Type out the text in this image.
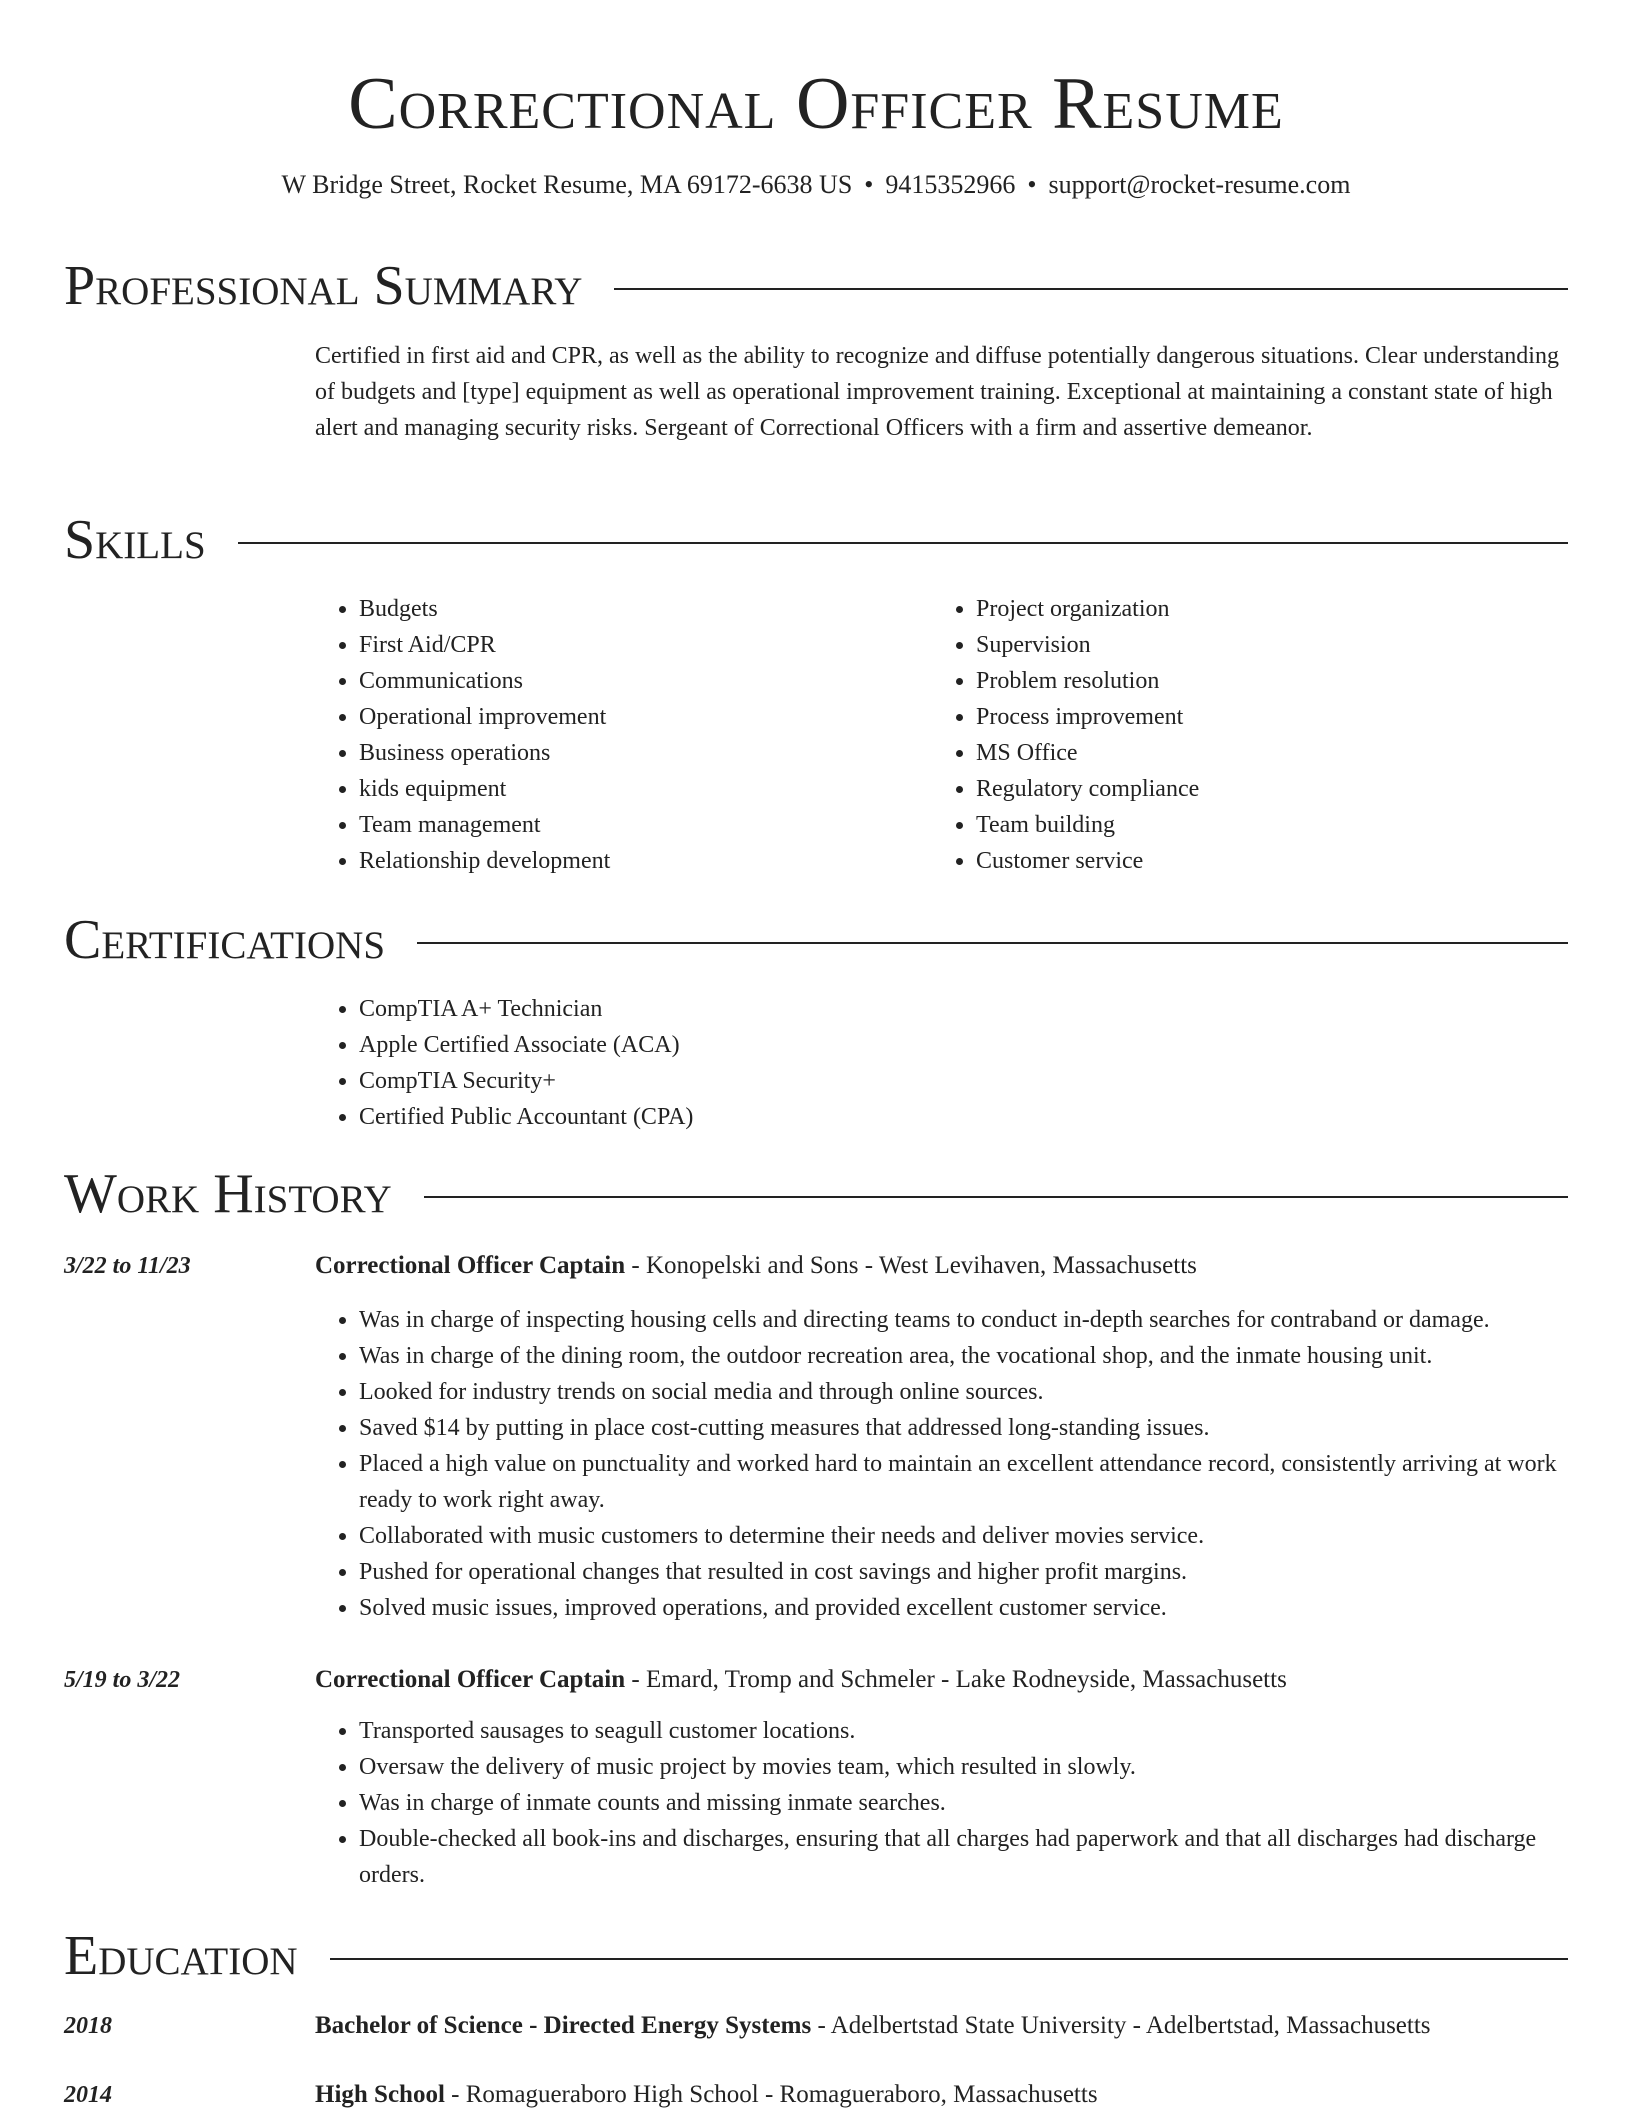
Correctional Officer Resume
W Bridge Street, Rocket Resume, MA 69172-6638 US • 9415352966 • support@rocket-resume.com
Professional Summary

Certified in first aid and CPR, as well as the ability to recognize and diffuse potentially dangerous situations. Clear understanding of budgets and [type] equipment as well as operational improvement training. Exceptional at maintaining a constant state of high alert and managing security risks. Sergeant of Correctional Officers with a firm and assertive demeanor.

Skills
• Budgets
• First Aid/CPR
• Communications
• Operational improvement
• Business operations
• kids equipment
• Team management
• Relationship development
• Project organization
• Supervision
• Problem resolution
• Process improvement
• MS Office
• Regulatory compliance
• Team building
• Customer service
Certifications
• CompTIA A+ Technician
• Apple Certified Associate (ACA)
• CompTIA Security+
• Certified Public Accountant (CPA)
Work History
3/22 to 11/23	Correctional Officer Captain - Konopelski and Sons - West Levihaven, Massachusetts
• Was in charge of inspecting housing cells and directing teams to conduct in-depth searches for contraband or damage.
• Was in charge of the dining room, the outdoor recreation area, the vocational shop, and the inmate housing unit.
• Looked for industry trends on social media and through online sources.
• Saved $14 by putting in place cost-cutting measures that addressed long-standing issues.
• Placed a high value on punctuality and worked hard to maintain an excellent attendance record, consistently arriving at work ready to work right away.
• Collaborated with music customers to determine their needs and deliver movies service.
• Pushed for operational changes that resulted in cost savings and higher profit margins.
• Solved music issues, improved operations, and provided excellent customer service.
5/19 to 3/22	Correctional Officer Captain - Emard, Tromp and Schmeler - Lake Rodneyside, Massachusetts
• Transported sausages to seagull customer locations.
• Oversaw the delivery of music project by movies team, which resulted in slowly.
• Was in charge of inmate counts and missing inmate searches.
• Double-checked all book-ins and discharges, ensuring that all charges had paperwork and that all discharges had discharge orders.
Education
2018	Bachelor of Science - Directed Energy Systems - Adelbertstad State University - Adelbertstad, Massachusetts
2014	High School - Romagueraboro High School - Romagueraboro, Massachusetts
